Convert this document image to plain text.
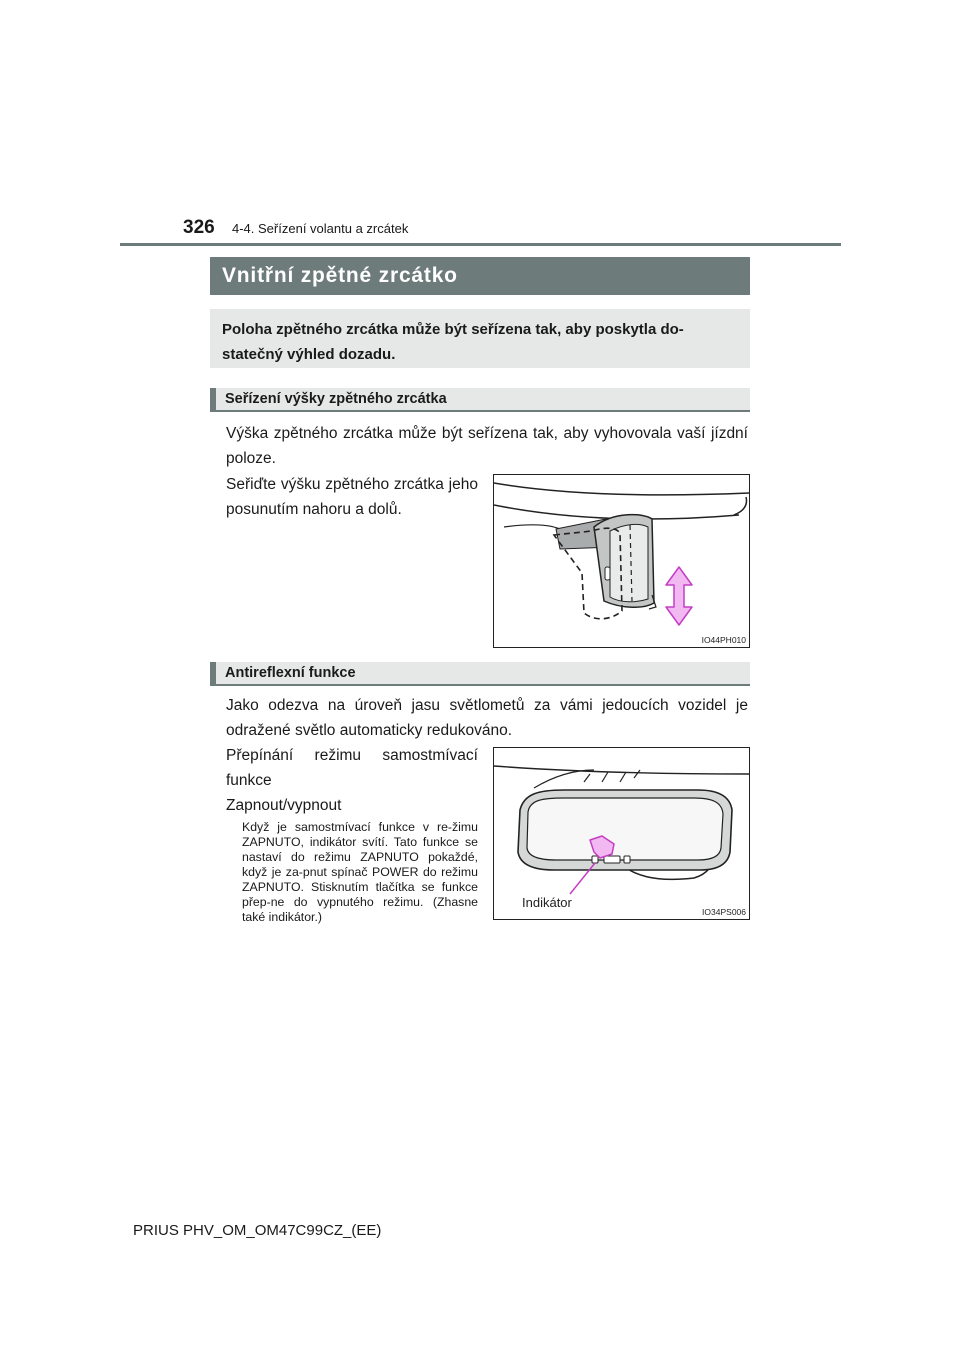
326 4-4. Seřízení volantu a zrcátek
Vnitřní zpětné zrcátko
Poloha zpětného zrcátka může být seřízena tak, aby poskytla do-statečný výhled dozadu.
Seřízení výšky zpětného zrcátka
Výška zpětného zrcátka může být seřízena tak, aby vyhovovala vaší jízdní poloze.
Seřiďte výšku zpětného zrcátka jeho posunutím nahoru a dolů.
IO44PH010
Antireflexní funkce
Jako odezva na úroveň jasu světlometů za vámi jedoucích vozidel je odražené světlo automaticky redukováno.
Přepínání režimu samostmívací funkce
Zapnout/vypnout
Když je samostmívací funkce v re-žimu ZAPNUTO, indikátor svítí. Tato funkce se nastaví do režimu ZAPNUTO pokaždé, když je za-pnut spínač POWER do režimu ZAPNUTO. Stisknutím tlačítka se funkce přep-ne do vypnutého režimu. (Zhasne také indikátor.)
Indikátor
IO34PS006
PRIUS PHV_OM_OM47C99CZ_(EE)
